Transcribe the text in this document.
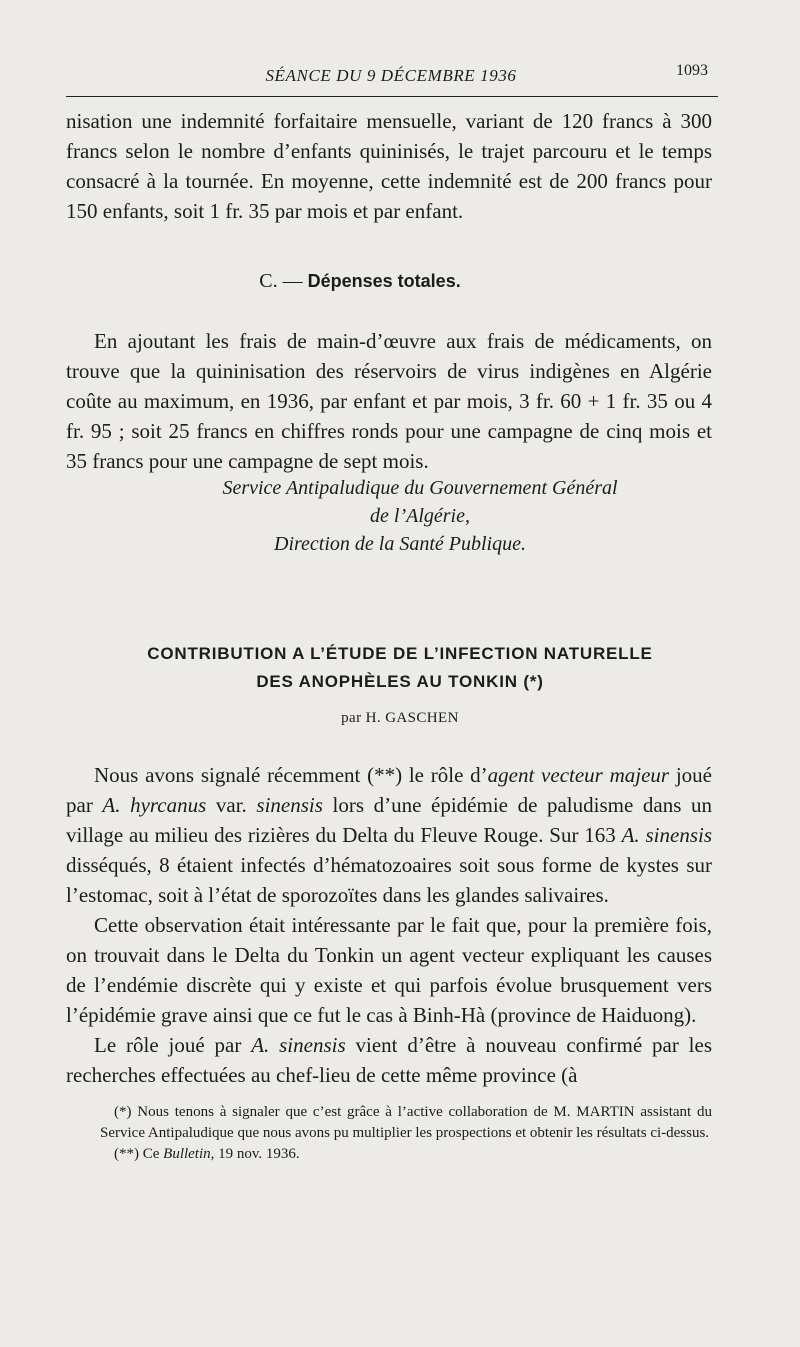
SÉANCE DU 9 DÉCEMBRE 1936	1093

nisation une indemnité forfaitaire mensuelle, variant de 120 francs à 300 francs selon le nombre d’enfants quininisés, le trajet parcouru et le temps consacré à la tournée. En moyenne, cette indemnité est de 200 francs pour 150 enfants, soit 1 fr. 35 par mois et par enfant.

C. — Dépenses totales.

En ajoutant les frais de main-d’œuvre aux frais de médicaments, on trouve que la quininisation des réservoirs de virus indigènes en Algérie coûte au maximum, en 1936, par enfant et par mois, 3 fr. 60 + 1 fr. 35 ou 4 fr. 95 ; soit 25 francs en chiffres ronds pour une campagne de cinq mois et 35 francs pour une campagne de sept mois.

Service Antipaludique du Gouvernement Général
de l’Algérie,
Direction de la Santé Publique.
CONTRIBUTION A L’ÉTUDE DE L’INFECTION NATURELLE
DES ANOPHÈLES AU TONKIN (*)
par H. GASCHEN

Nous avons signalé récemment (**) le rôle d’agent vecteur majeur joué par A. hyrcanus var. sinensis lors d’une épidémie de paludisme dans un village au milieu des rizières du Delta du Fleuve Rouge. Sur 163 A. sinensis disséqués, 8 étaient infectés d’hématozoaires soit sous forme de kystes sur l’estomac, soit à l’état de sporozoïtes dans les glandes salivaires.

Cette observation était intéressante par le fait que, pour la première fois, on trouvait dans le Delta du Tonkin un agent vecteur expliquant les causes de l’endémie discrète qui y existe et qui parfois évolue brusquement vers l’épidémie grave ainsi que ce fut le cas à Binh-Hà (province de Haiduong).

Le rôle joué par A. sinensis vient d’être à nouveau confirmé par les recherches effectuées au chef-lieu de cette même province (à

(*) Nous tenons à signaler que c’est grâce à l’active collaboration de M. MARTIN assistant du Service Antipaludique que nous avons pu multiplier les prospections et obtenir les résultats ci-dessus.

(**) Ce Bulletin, 19 nov. 1936.
